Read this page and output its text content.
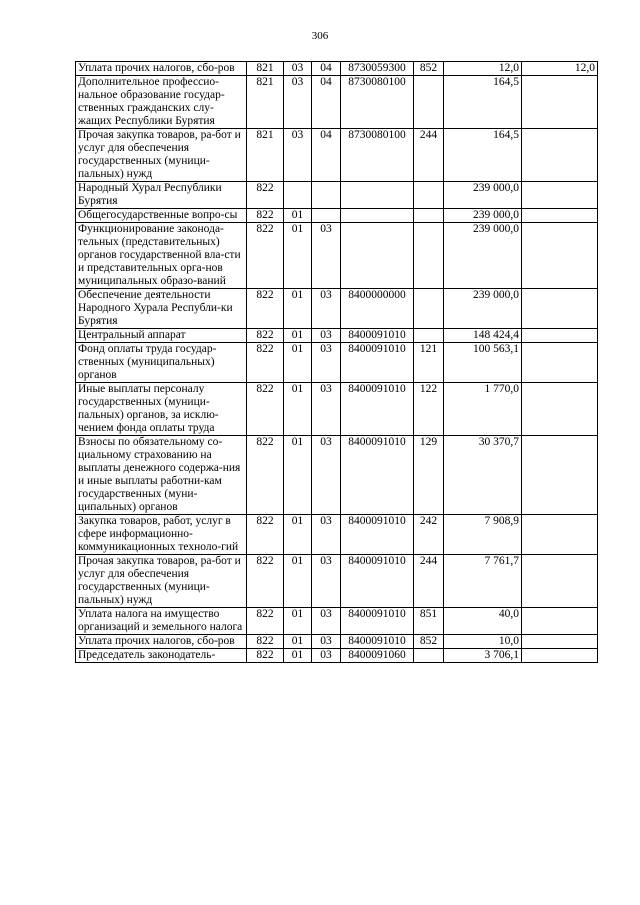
306
Уплата прочих налогов, сбо-ров	821	03	04	8730059300	852	12,0	12,0
Дополнительное профессио-нальное образование государ-ственных гражданских слу-жащих Республики Бурятия	821	03	04	8730080100		164,5	
Прочая закупка товаров, ра-бот и услуг для обеспечения государственных (муници-пальных) нужд	821	03	04	8730080100	244	164,5	
Народный Хурал Республики Бурятия	822					239 000,0	
Общегосударственные вопро-сы	822	01				239 000,0	
Функционирование законода-тельных (представительных) органов государственной вла-сти и представительных орга-нов муниципальных образо-ваний	822	01	03			239 000,0	
Обеспечение деятельности Народного Хурала Республи-ки Бурятия	822	01	03	8400000000		239 000,0	
Центральный аппарат	822	01	03	8400091010		148 424,4	
Фонд оплаты труда государ-ственных (муниципальных) органов	822	01	03	8400091010	121	100 563,1	
Иные выплаты персоналу государственных (муници-пальных) органов, за исклю-чением фонда оплаты труда	822	01	03	8400091010	122	1 770,0	
Взносы по обязательному со-циальному страхованию на выплаты денежного содержа-ния и иные выплаты работни-кам государственных (муни-ципальных) органов	822	01	03	8400091010	129	30 370,7	
Закупка товаров, работ, услуг в сфере информационно-коммуникационных техноло-гий	822	01	03	8400091010	242	7 908,9	
Прочая закупка товаров, ра-бот и услуг для обеспечения государственных (муници-пальных) нужд	822	01	03	8400091010	244	7 761,7	
Уплата налога на имущество организаций и земельного налога	822	01	03	8400091010	851	40,0	
Уплата прочих налогов, сбо-ров	822	01	03	8400091010	852	10,0	
Председатель законодатель-	822	01	03	8400091060		3 706,1	
